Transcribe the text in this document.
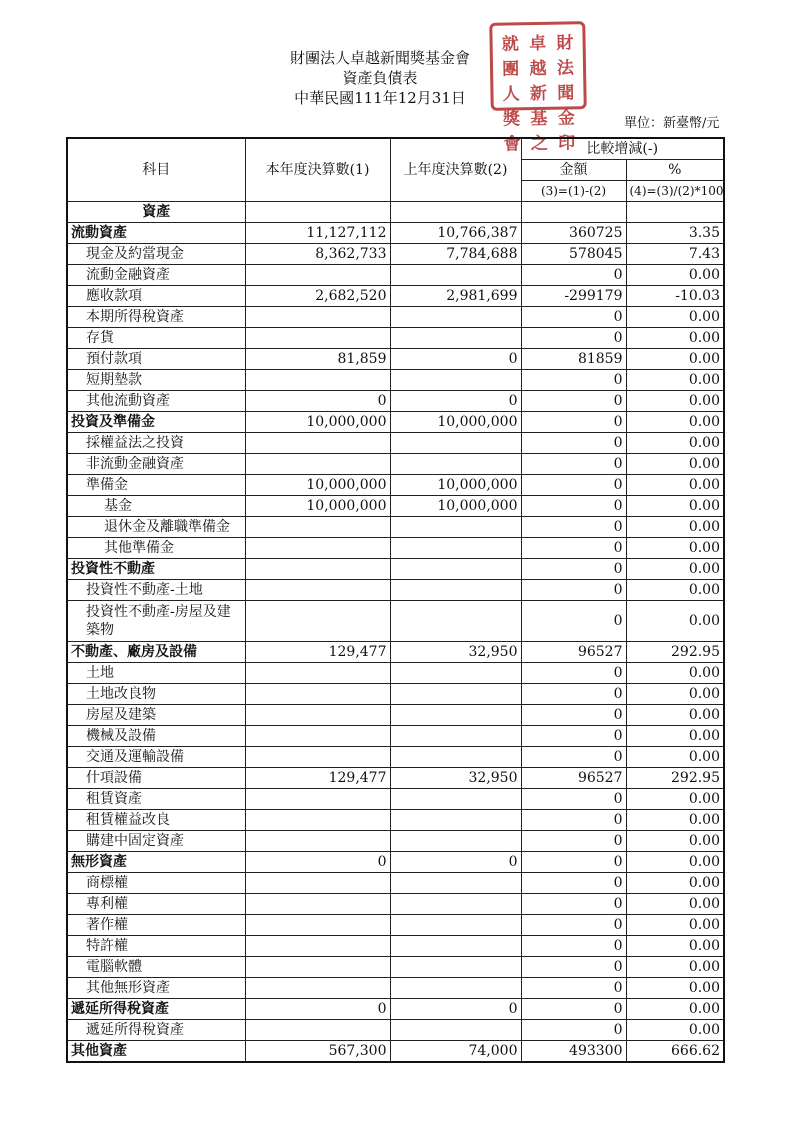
財團法人卓越新聞獎基金會
資產負債表
中華民國111年12月31日
就 卓 財
團 越 法
人 新 聞
獎 基 金
會 之 印
單位：新臺幣/元
科目	本年度決算數(1)	上年度決算數(2)	比較增減(-)	
			金額	%
			(3)=(1)-(2)	(4)=(3)/(2)*100
資產				
流動資產	11,127,112	10,766,387	360725	3.35
現金及約當現金	8,362,733	7,784,688	578045	7.43
流動金融資產			0	0.00
應收款項	2,682,520	2,981,699	-299179	-10.03
本期所得稅資產			0	0.00
存貨			0	0.00
預付款項	81,859	0	81859	0.00
短期墊款			0	0.00
其他流動資產	0	0	0	0.00
投資及準備金	10,000,000	10,000,000	0	0.00
採權益法之投資			0	0.00
非流動金融資產			0	0.00
準備金	10,000,000	10,000,000	0	0.00
基金	10,000,000	10,000,000	0	0.00
退休金及離職準備金			0	0.00
其他準備金			0	0.00
投資性不動產			0	0.00
投資性不動產-土地			0	0.00
投資性不動產-房屋及建築物			0	0.00
不動產、廠房及設備	129,477	32,950	96527	292.95
土地			0	0.00
土地改良物			0	0.00
房屋及建築			0	0.00
機械及設備			0	0.00
交通及運輸設備			0	0.00
什項設備	129,477	32,950	96527	292.95
租賃資產			0	0.00
租賃權益改良			0	0.00
購建中固定資產			0	0.00
無形資產	0	0	0	0.00
商標權			0	0.00
專利權			0	0.00
著作權			0	0.00
特許權			0	0.00
電腦軟體			0	0.00
其他無形資產			0	0.00
遞延所得稅資產	0	0	0	0.00
遞延所得稅資產			0	0.00
其他資產	567,300	74,000	493300	666.62
